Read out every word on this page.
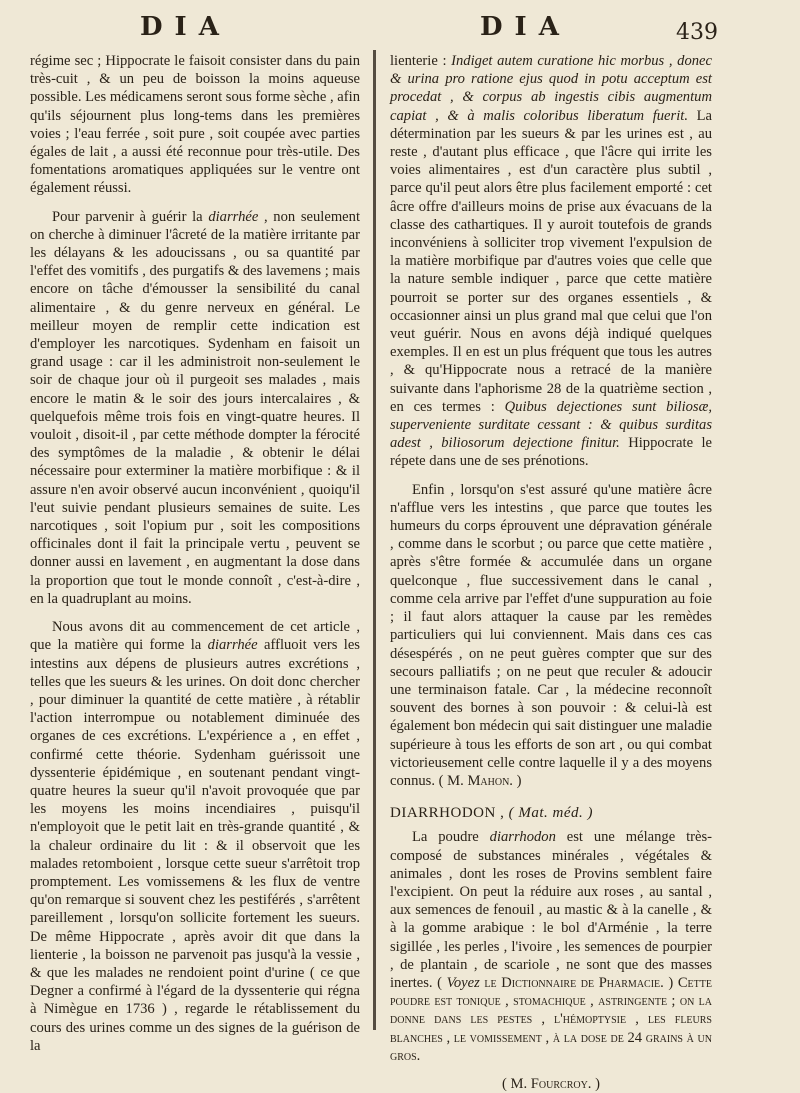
DIA	DIA	439

régime sec ; Hippocrate le faisoit consister dans du pain très-cuit , & un peu de boisson la moins aqueuse possible. Les médicamens seront sous forme sèche , afin qu'ils séjournent plus long-tems dans les premières voies ; l'eau ferrée , soit pure , soit coupée avec parties égales de lait , a aussi été reconnue pour très-utile. Des fomentations aromatiques appliquées sur le ventre ont également réussi.

Pour parvenir à guérir la diarrhée , non seulement on cherche à diminuer l'âcreté de la matière irritante par les délayans & les adoucissans , ou sa quantité par l'effet des vomitifs , des purgatifs & des lavemens ; mais encore on tâche d'émousser la sensibilité du canal alimentaire , & du genre nerveux en général. Le meilleur moyen de remplir cette indication est d'employer les narcotiques. Sydenham en faisoit un grand usage : car il les administroit non-seulement le soir de chaque jour où il purgeoit ses malades , mais encore le matin & le soir des jours intercalaires , & quelquefois même trois fois en vingt-quatre heures. Il vouloit , disoit-il , par cette méthode dompter la férocité des symptômes de la maladie , & obtenir le délai nécessaire pour exterminer la matière morbifique : & il assure n'en avoir observé aucun inconvénient , quoiqu'il l'eut suivie pendant plusieurs semaines de suite. Les narcotiques , soit l'opium pur , soit les compositions officinales dont il fait la principale vertu , peuvent se donner aussi en lavement , en augmentant la dose dans la proportion que tout le monde connoît , c'est-à-dire , en la quadruplant au moins.

Nous avons dit au commencement de cet article , que la matière qui forme la diarrhée affluoit vers les intestins aux dépens de plusieurs autres excrétions , telles que les sueurs & les urines. On doit donc chercher , pour diminuer la quantité de cette matière , à rétablir l'action interrompue ou notablement diminuée des organes de ces excrétions. L'expérience a , en effet , confirmé cette théorie. Sydenham guérissoit une dyssenterie épidémique , en soutenant pendant vingt-quatre heures la sueur qu'il n'avoit provoquée que par les moyens les moins incendiaires , puisqu'il n'employoit que le petit lait en très-grande quantité , & la chaleur ordinaire du lit : & il observoit que les malades retomboient , lorsque cette sueur s'arrêtoit trop promptement. Les vomissemens & les flux de ventre qu'on remarque si souvent chez les pestiférés , s'arrêtent pareillement , lorsqu'on sollicite fortement les sueurs. De même Hippocrate , après avoir dit que dans la lienterie , la boisson ne parvenoit pas jusqu'à la vessie , & que les malades ne rendoient point d'urine ( ce que Degner a confirmé à l'égard de la dyssenterie qui régna à Nimègue en 1736 ) , regarde le rétablissement du cours des urines comme un des signes de la guérison de la

lienterie : Indiget autem curatione hic morbus , donec & urina pro ratione ejus quod in potu acceptum est procedat , & corpus ab ingestis cibis augmentum capiat , & à malis coloribus liberatum fuerit. La détermination par les sueurs & par les urines est , au reste , d'autant plus efficace , que l'âcre qui irrite les voies alimentaires , est d'un caractère plus subtil , parce qu'il peut alors être plus facilement emporté : cet âcre offre d'ailleurs moins de prise aux évacuans de la classe des cathartiques. Il y auroit toutefois de grands inconvéniens à solliciter trop vivement l'expulsion de la matière morbifique par d'autres voies que celle que la nature semble indiquer , parce que cette matière pourroit se porter sur des organes essentiels , & occasionner ainsi un plus grand mal que celui que l'on veut guérir. Nous en avons déjà indiqué quelques exemples. Il en est un plus fréquent que tous les autres , & qu'Hippocrate nous a retracé de la manière suivante dans l'aphorisme 28 de la quatrième section , en ces termes : Quibus dejectiones sunt biliosæ, superveniente surditate cessant : & quibus surditas adest , biliosorum dejectione finitur. Hippocrate le répete dans une de ses prénotions.

Enfin , lorsqu'on s'est assuré qu'une matière âcre n'afflue vers les intestins , que parce que toutes les humeurs du corps éprouvent une dépravation générale , comme dans le scorbut ; ou parce que cette matière , après s'être formée & accumulée dans un organe quelconque , flue successivement dans le canal , comme cela arrive par l'effet d'une suppuration au foie ; il faut alors attaquer la cause par les remèdes particuliers qui lui conviennent. Mais dans ces cas désespérés , on ne peut guères compter que sur des secours palliatifs ; on ne peut que reculer & adoucir une terminaison fatale. Car , la médecine reconnoît souvent des bornes à son pouvoir : & celui-là est également bon médecin qui sait distinguer une maladie supérieure à tous les efforts de son art , ou qui combat victorieusement celle contre laquelle il y a des moyens connus. ( M. Mahon. )

DIARRHODON , ( Mat. méd. )

La poudre diarrhodon est une mélange très-composé de substances minérales , végétales & animales , dont les roses de Provins semblent faire l'excipient. On peut la réduire aux roses , au santal , aux semences de fenouil , au mastic & à la canelle , & à la gomme arabique : le bol d'Arménie , la terre sigillée , les perles , l'ivoire , les semences de pourpier , de plantain , de scariole , ne sont que des masses inertes. ( Voyez le Dictionnaire de Pharmacie. ) Cette poudre est tonique , stomachique , astringente ; on la donne dans les pestes , l'hémoptysie , les fleurs blanches , le vomissement , à la dose de 24 grains à un gros.

( M. Fourcroy. )
